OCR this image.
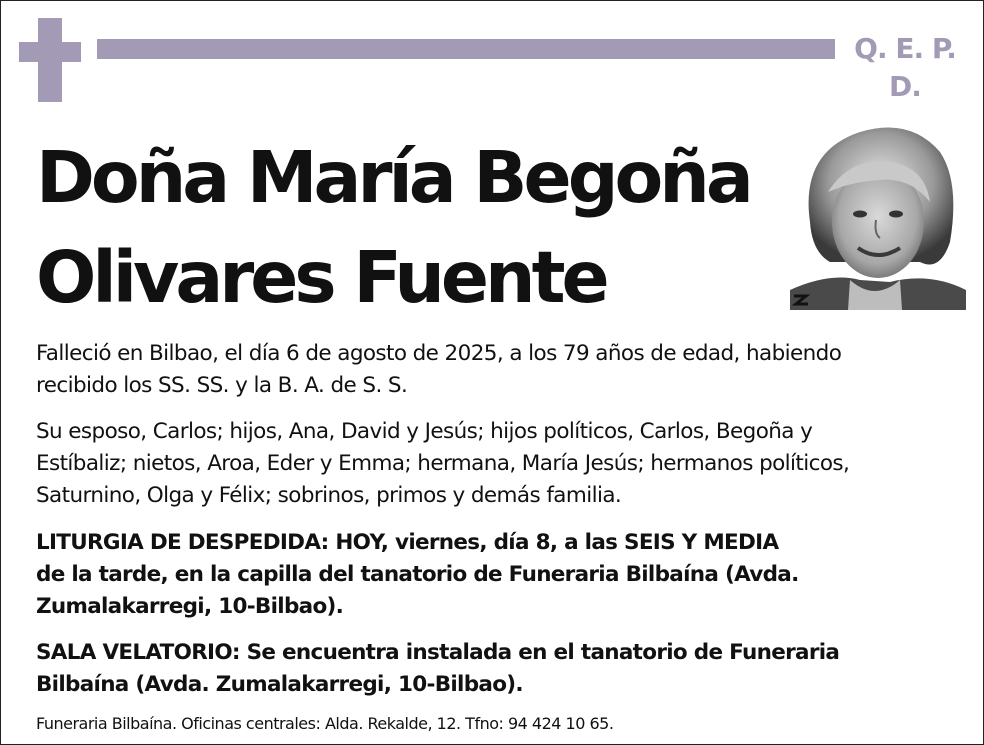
Q. E. P. D.
Doña María Begoña
Olivares Fuente

Falleció en Bilbao, el día 6 de agosto de 2025, a los 79 años de edad, habiendo
recibido los SS. SS. y la B. A. de S. S.

Su esposo, Carlos; hijos, Ana, David y Jesús; hijos políticos, Carlos, Begoña y
Estíbaliz; nietos, Aroa, Eder y Emma; hermana, María Jesús; hermanos políticos,
Saturnino, Olga y Félix; sobrinos, primos y demás familia.

LITURGIA DE DESPEDIDA: HOY, viernes, día 8, a las SEIS Y MEDIA
de la tarde, en la capilla del tanatorio de Funeraria Bilbaína (Avda.
Zumalakarregi, 10-Bilbao).

SALA VELATORIO: Se encuentra instalada en el tanatorio de Funeraria
Bilbaína (Avda. Zumalakarregi, 10-Bilbao).

Funeraria Bilbaína. Oficinas centrales: Alda. Rekalde, 12. Tfno: 94 424 10 65.
